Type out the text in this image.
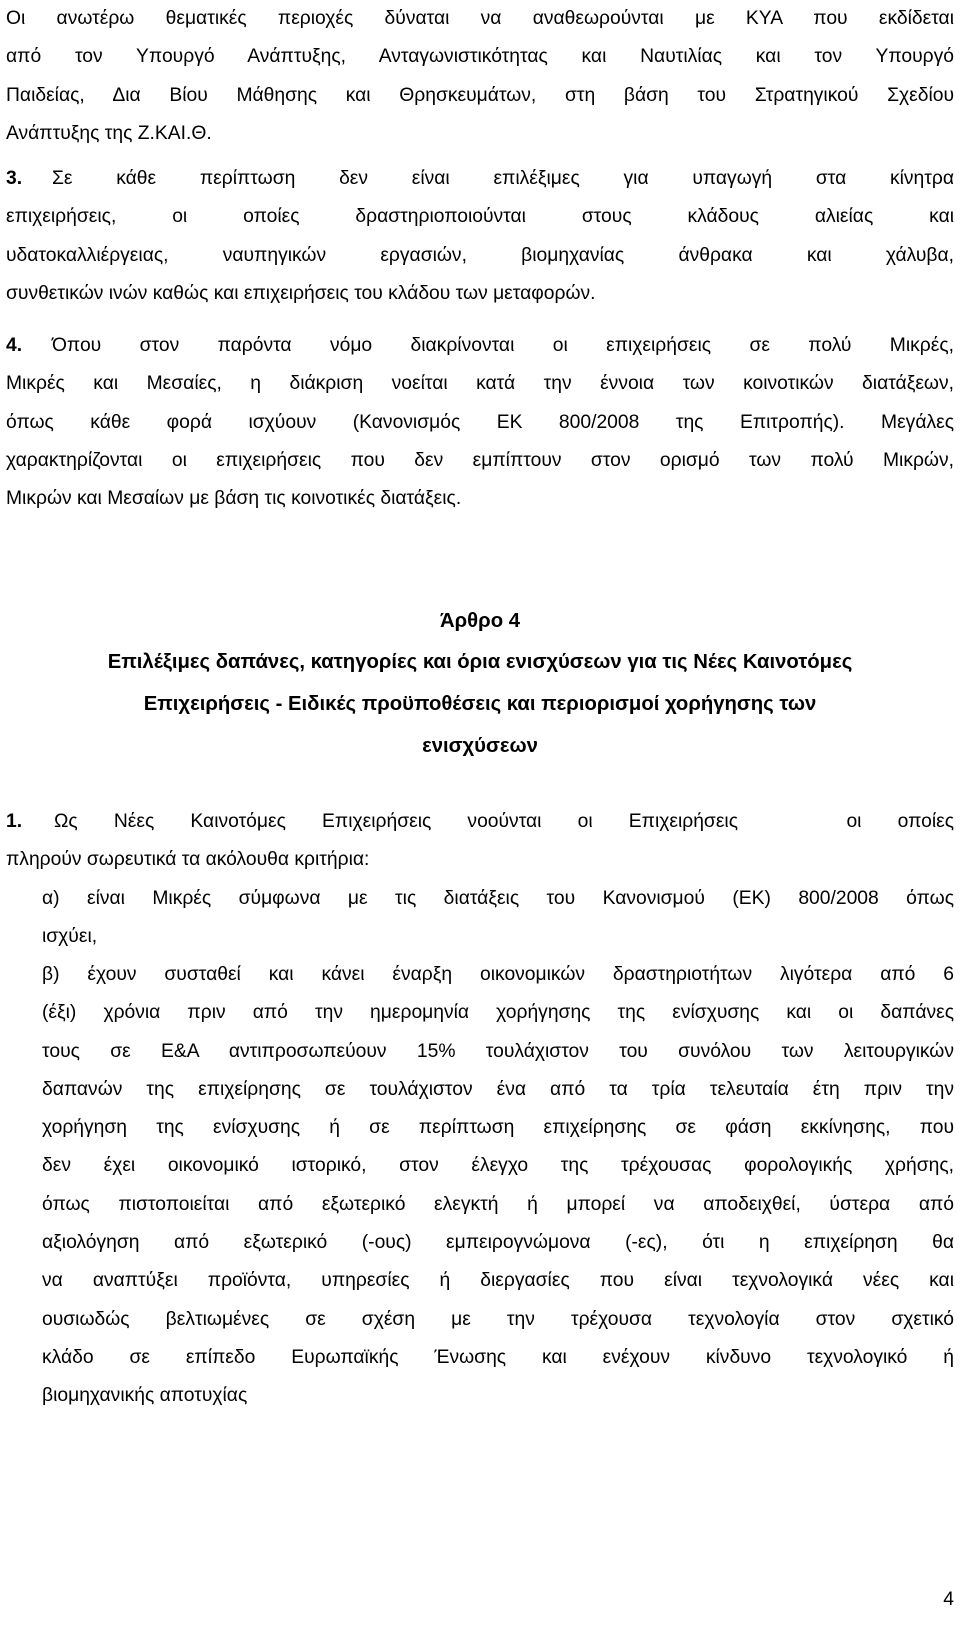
Οι ανωτέρω θεματικές περιοχές δύναται να αναθεωρούνται με ΚΥΑ που εκδίδεται
από τον Υπουργό Ανάπτυξης, Ανταγωνιστικότητας και Ναυτιλίας και τον Υπουργό
Παιδείας, Δια Βίου Μάθησης και Θρησκευμάτων, στη βάση του Στρατηγικού Σχεδίου
Ανάπτυξης της Ζ.ΚΑΙ.Θ.
3. Σε κάθε περίπτωση δεν είναι επιλέξιμες για υπαγωγή στα κίνητρα
επιχειρήσεις, οι οποίες δραστηριοποιούνται στους κλάδους αλιείας και
υδατοκαλλιέργειας, ναυπηγικών εργασιών, βιομηχανίας άνθρακα και χάλυβα,
συνθετικών ινών καθώς και επιχειρήσεις του κλάδου των μεταφορών.
4. Όπου στον παρόντα νόμο διακρίνονται οι επιχειρήσεις σε πολύ Μικρές,
Μικρές και Μεσαίες, η διάκριση νοείται κατά την έννοια των κοινοτικών διατάξεων,
όπως κάθε φορά ισχύουν (Κανονισμός ΕΚ 800/2008 της Επιτροπής). Μεγάλες
χαρακτηρίζονται οι επιχειρήσεις που δεν εμπίπτουν στον ορισμό των πολύ Μικρών,
Μικρών και Μεσαίων με βάση τις κοινοτικές διατάξεις.
Άρθρο 4
Επιλέξιμες δαπάνες, κατηγορίες και όρια ενισχύσεων για τις Νέες Καινοτόμες
Επιχειρήσεις - Ειδικές προϋποθέσεις και περιορισμοί χορήγησης των
ενισχύσεων
1. Ως Νέες Καινοτόμες Επιχειρήσεις νοούνται οι Επιχειρήσεις   οι οποίες
πληρούν σωρευτικά τα ακόλουθα κριτήρια:
α) είναι Μικρές σύμφωνα με τις διατάξεις του Κανονισμού (ΕΚ) 800/2008 όπως
ισχύει,
β) έχουν συσταθεί και κάνει έναρξη οικονομικών δραστηριοτήτων λιγότερα από 6
(έξι) χρόνια πριν από την ημερομηνία χορήγησης της ενίσχυσης και οι δαπάνες
τους σε Ε&Α αντιπροσωπεύουν 15% τουλάχιστον του συνόλου των λειτουργικών
δαπανών της επιχείρησης σε τουλάχιστον ένα από τα τρία τελευταία έτη πριν την
χορήγηση της ενίσχυσης ή σε περίπτωση επιχείρησης σε φάση εκκίνησης, που
δεν έχει οικονομικό ιστορικό, στον έλεγχο της τρέχουσας φορολογικής χρήσης,
όπως πιστοποιείται από εξωτερικό ελεγκτή ή μπορεί να αποδειχθεί, ύστερα από
αξιολόγηση από εξωτερικό (-ους) εμπειρογνώμονα (-ες), ότι η επιχείρηση θα
να αναπτύξει προϊόντα, υπηρεσίες ή διεργασίες που είναι τεχνολογικά νέες και
ουσιωδώς βελτιωμένες σε σχέση με την τρέχουσα τεχνολογία στον σχετικό
κλάδο σε επίπεδο Ευρωπαϊκής Ένωσης και ενέχουν κίνδυνο τεχνολογικό ή
βιομηχανικής αποτυχίας
4
